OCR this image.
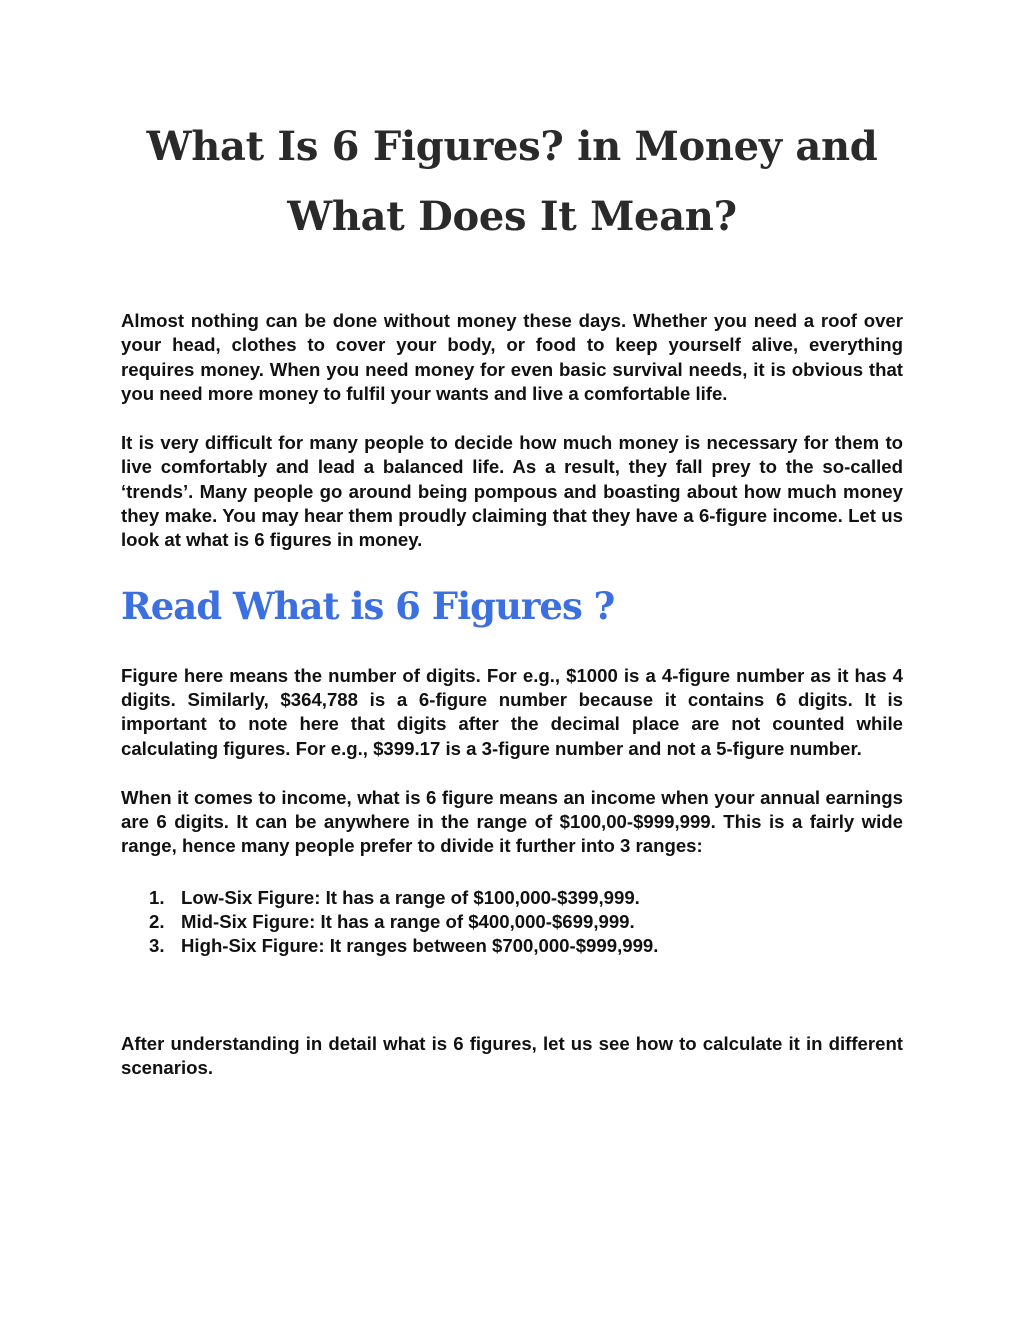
What Is 6 Figures? in Money and
What Does It Mean?

Almost nothing can be done without money these days. Whether you need a roof over your head, clothes to cover your body, or food to keep yourself alive, everything requires money. When you need money for even basic survival needs, it is obvious that you need more money to fulfil your wants and live a comfortable life.

It is very difficult for many people to decide how much money is necessary for them to live comfortably and lead a balanced life. As a result, they fall prey to the so-called ‘trends’. Many people go around being pompous and boasting about how much money they make. You may hear them proudly claiming that they have a 6-figure income. Let us look at what is 6 figures in money.

Read What is 6 Figures ?

Figure here means the number of digits. For e.g., $1000 is a 4-figure number as it has 4 digits. Similarly, $364,788 is a 6-figure number because it contains 6 digits. It is important to note here that digits after the decimal place are not counted while calculating figures. For e.g., $399.17 is a 3-figure number and not a 5-figure number.

When it comes to income, what is 6 figure means an income when your annual earnings are 6 digits. It can be anywhere in the range of $100,00-$999,999. This is a fairly wide range, hence many people prefer to divide it further into 3 ranges:

1. Low-Six Figure: It has a range of $100,000-$399,999.
2. Mid-Six Figure: It has a range of $400,000-$699,999.
3. High-Six Figure: It ranges between $700,000-$999,999.

After understanding in detail what is 6 figures, let us see how to calculate it in different scenarios.
